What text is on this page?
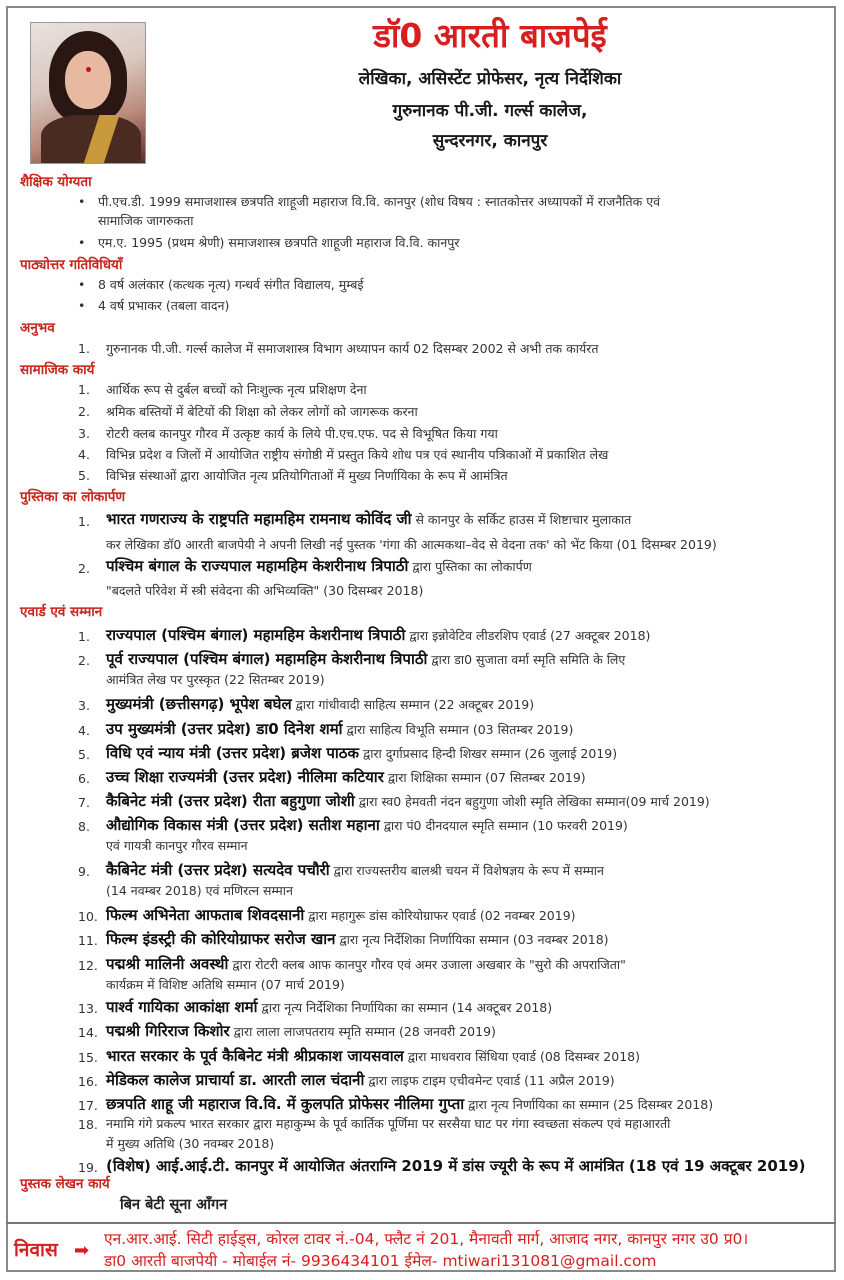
डॉ0 आरती बाजपेई
लेखिका, असिस्टेंट प्रोफेसर, नृत्य निर्देशिका
गुरुनानक पी.जी. गर्ल्स कालेज,
सुन्दरनगर, कानपुर
शैक्षिक योग्यता
• पी.एच.डी. 1999 समाजशास्त्र छत्रपति शाहूजी महाराज वि.वि. कानपुर (शोध विषय : स्नातकोत्तर अध्यापकों में राजनैतिक एवं
सामाजिक जागरुकता
• एम.ए. 1995 (प्रथम श्रेणी) समाजशास्त्र छत्रपति शाहूजी महाराज वि.वि. कानपुर
पाठ्योत्तर गतिविधियाँ
• 8 वर्ष अलंकार (कत्थक नृत्य) गन्धर्व संगीत विद्यालय, मुम्बई
• 4 वर्ष प्रभाकर (तबला वादन)
अनुभव
1. गुरुनानक पी.जी. गर्ल्स कालेज में समाजशास्त्र विभाग अध्यापन कार्य 02 दिसम्बर 2002 से अभी तक कार्यरत
सामाजिक कार्य
1. आर्थिक रूप से दुर्बल बच्चों को निःशुल्क नृत्य प्रशिक्षण देना
2. श्रमिक बस्तियों में बेटियों की शिक्षा को लेकर लोगों को जागरूक करना
3. रोटरी क्लब कानपुर गौरव में उत्कृष्ट कार्य के लिये पी.एच.एफ. पद से विभूषित किया गया
4. विभिन्न प्रदेश व जिलों में आयोजित राष्ट्रीय संगोष्ठी में प्रस्तुत किये शोध पत्र एवं स्थानीय पत्रिकाओं में प्रकाशित लेख
5. विभिन्न संस्थाओं द्वारा आयोजित नृत्य प्रतियोगिताओं में मुख्य निर्णायिका के रूप में आमंत्रित
पुस्तिका का लोकार्पण
1. भारत गणराज्य के राष्ट्रपति महामहिम रामनाथ कोविंद जी से कानपुर के सर्किट हाउस में शिष्टाचार मुलाकात
कर लेखिका डॉ0 आरती बाजपेयी ने अपनी लिखी नई पुस्तक 'गंगा की आत्मकथा–वेद से वेदना तक' को भेंट किया (01 दिसम्बर 2019)
2. पश्चिम बंगाल के राज्यपाल महामहिम केशरीनाथ त्रिपाठी द्वारा पुस्तिका का लोकार्पण
"बदलते परिवेश में स्त्री संवेदना की अभिव्यक्ति" (30 दिसम्बर 2018)
एवार्ड एवं सम्मान
1. राज्यपाल (पश्चिम बंगाल) महामहिम केशरीनाथ त्रिपाठी द्वारा इन्नोवेटिव लीडरशिप एवार्ड (27 अक्टूबर 2018)
2. पूर्व राज्यपाल (पश्चिम बंगाल) महामहिम केशरीनाथ त्रिपाठी द्वारा डा0 सुजाता वर्मा स्मृति समिति के लिए
आमंत्रित लेख पर पुरस्कृत (22 सितम्बर 2019)
3. मुख्यमंत्री (छत्तीसगढ़) भूपेश बघेल द्वारा गांधीवादी साहित्य सम्मान (22 अक्टूबर 2019)
4. उप मुख्यमंत्री (उत्तर प्रदेश) डा0 दिनेश शर्मा द्वारा साहित्य विभूति सम्मान (03 सितम्बर 2019)
5. विधि एवं न्याय मंत्री (उत्तर प्रदेश) ब्रजेश पाठक द्वारा दुर्गाप्रसाद हिन्दी शिखर सम्मान (26 जुलाई 2019)
6. उच्च शिक्षा राज्यमंत्री (उत्तर प्रदेश) नीलिमा कटियार द्वारा शिक्षिका सम्मान (07 सितम्बर 2019)
7. कैबिनेट मंत्री (उत्तर प्रदेश) रीता बहुगुणा जोशी द्वारा स्व0 हेमवती नंदन बहुगुणा जोशी स्मृति लेखिका सम्मान(09 मार्च 2019)
8. औद्योगिक विकास मंत्री (उत्तर प्रदेश) सतीश महाना द्वारा पं0 दीनदयाल स्मृति सम्मान (10 फरवरी 2019)
एवं गायत्री कानपुर गौरव सम्मान
9. कैबिनेट मंत्री (उत्तर प्रदेश) सत्यदेव पचौरी द्वारा राज्यस्तरीय बालश्री चयन में विशेषज्ञय के रूप में सम्मान
(14 नवम्बर 2018) एवं मणिरत्न सम्मान
10. फिल्म अभिनेता आफताब शिवदसानी द्वारा महागुरू डांस कोरियोग्राफर एवार्ड (02 नवम्बर 2019)
11. फिल्म इंडस्ट्री की कोरियोग्राफर सरोज खान द्वारा नृत्य निर्देशिका निर्णायिका सम्मान (03 नवम्बर 2018)
12. पद्मश्री मालिनी अवस्थी द्वारा रोटरी क्लब आफ कानपुर गौरव एवं अमर उजाला अखबार के "सुरो की अपराजिता"
कार्यक्रम में विशिष्ट अतिथि सम्मान (07 मार्च 2019)
13. पार्श्व गायिका आकांक्षा शर्मा द्वारा नृत्य निर्देशिका निर्णायिका का सम्मान (14 अक्टूबर 2018)
14. पद्मश्री गिरिराज किशोर द्वारा लाला लाजपतराय स्मृति सम्मान (28 जनवरी 2019)
15. भारत सरकार के पूर्व कैबिनेट मंत्री श्रीप्रकाश जायसवाल द्वारा माधवराव सिंधिया एवार्ड (08 दिसम्बर 2018)
16. मेडिकल कालेज प्राचार्या डा. आरती लाल चंदानी द्वारा लाइफ टाइम एचीवमेन्ट एवार्ड (11 अप्रैल 2019)
17. छत्रपति शाहू जी महाराज वि.वि. में कुलपति प्रोफेसर नीलिमा गुप्ता द्वारा नृत्य निर्णायिका का सम्मान (25 दिसम्बर 2018)
18. नमामि गंगे प्रकल्प भारत सरकार द्वारा महाकुम्भ के पूर्व कार्तिक पूर्णिमा पर सरसैया घाट पर गंगा स्वच्छता संकल्प एवं महाआरती
में मुख्य अतिथि (30 नवम्बर 2018)
19. (विशेष) आई.आई.टी. कानपुर में आयोजित अंतराग्नि 2019 में डांस ज्यूरी के रूप में आमंत्रित (18 एवं 19 अक्टूबर 2019)
पुस्तक लेखन कार्य
बिन बेटी सूना आँगन
निवास ➡
एन.आर.आई. सिटी हाईड्स, कोरल टावर नं.-04, फ्लैट नं 201, मैनावती मार्ग, आजाद नगर, कानपुर नगर उ0 प्र0।
डा0 आरती बाजपेयी - मोबाईल नं- 9936434101 ईमेल- mtiwari131081@gmail.com
